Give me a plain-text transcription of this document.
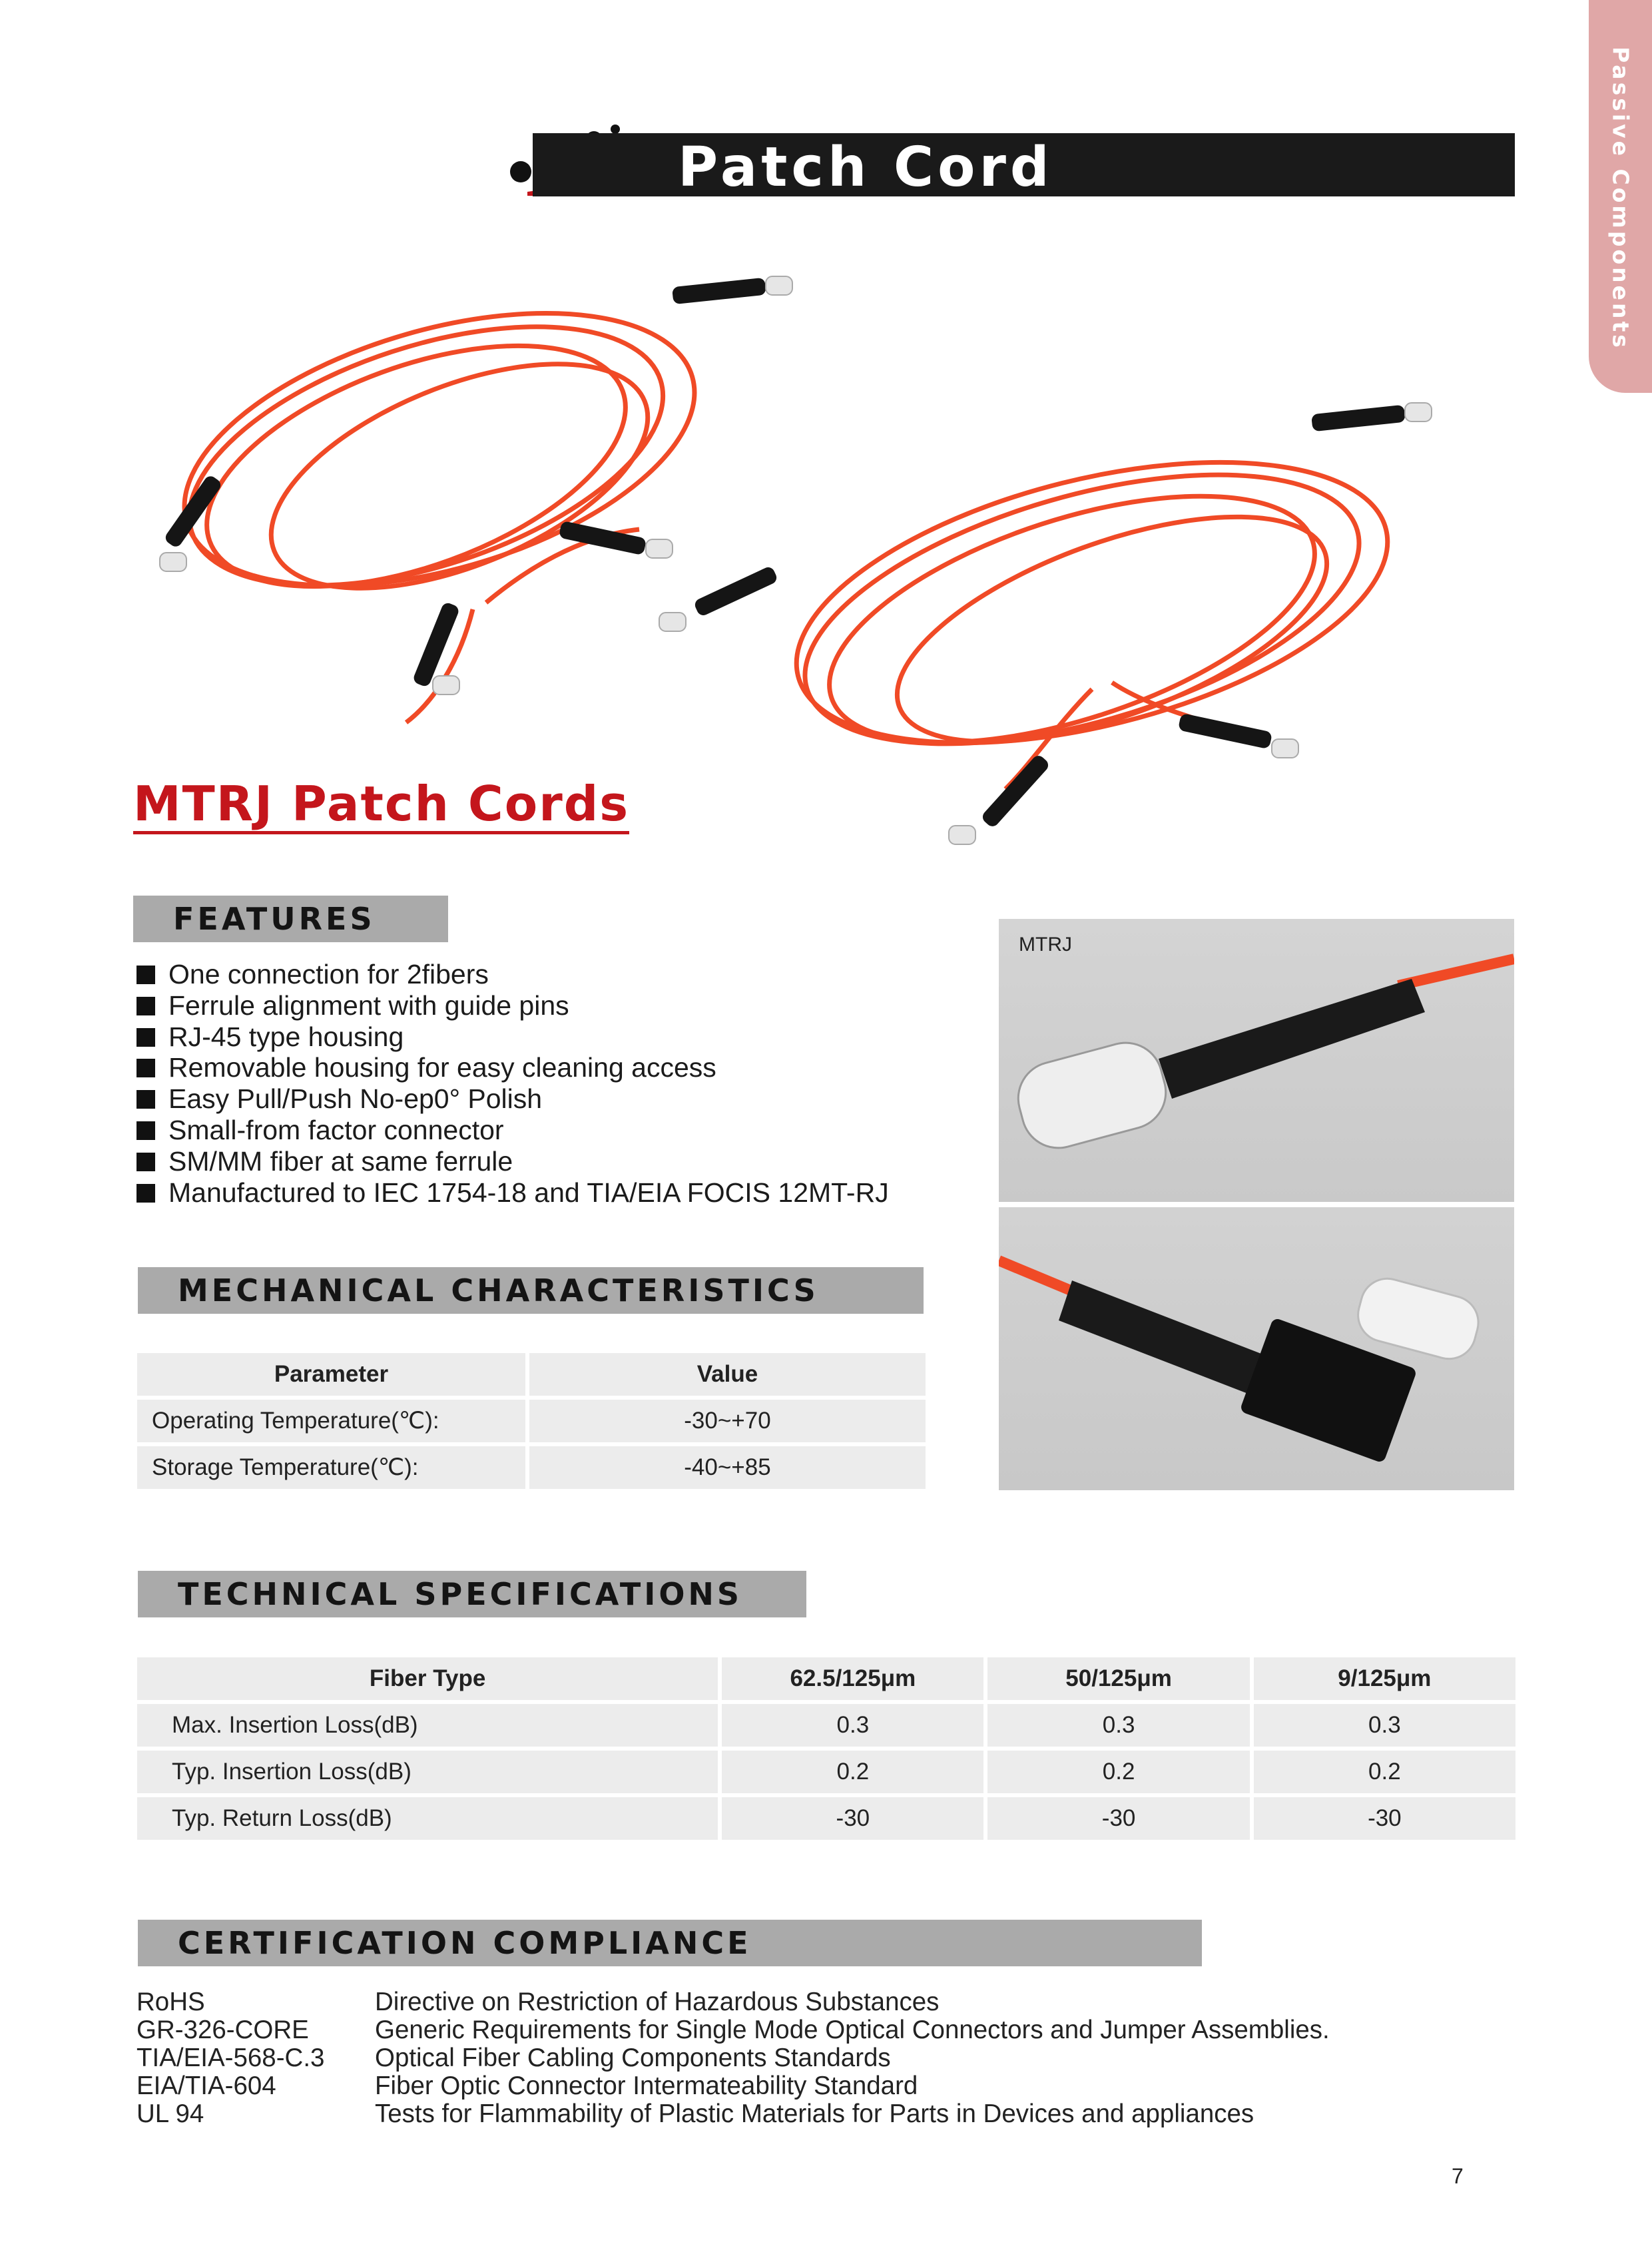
Passive Components
Patch Cord
MTRJ Patch Cords
FEATURES
One connection for 2fibers
Ferrule alignment with guide pins
RJ-45 type housing
Removable housing for easy cleaning access
Easy Pull/Push No-ep0° Polish
Small-from factor connector
SM/MM fiber at same ferrule
Manufactured to IEC 1754-18 and TIA/EIA FOCIS 12MT-RJ
MTRJ
MECHANICAL CHARACTERISTICS
Parameter	Value
Operating Temperature(℃):	-30~+70
Storage Temperature(℃):	-40~+85
TECHNICAL SPECIFICATIONS
Fiber Type	62.5/125μm	50/125μm	9/125μm
Max. Insertion Loss(dB)	0.3	0.3	0.3
Typ. Insertion Loss(dB)	0.2	0.2	0.2
Typ. Return Loss(dB)	-30	-30	-30
CERTIFICATION COMPLIANCE
RoHS	Directive on Restriction of Hazardous Substances
GR-326-CORE	Generic Requirements for Single Mode Optical Connectors and Jumper Assemblies.
TIA/EIA-568-C.3	Optical Fiber Cabling Components Standards
EIA/TIA-604	Fiber Optic Connector Intermateability Standard
UL 94	Tests for Flammability of Plastic Materials for Parts in Devices and appliances
7
